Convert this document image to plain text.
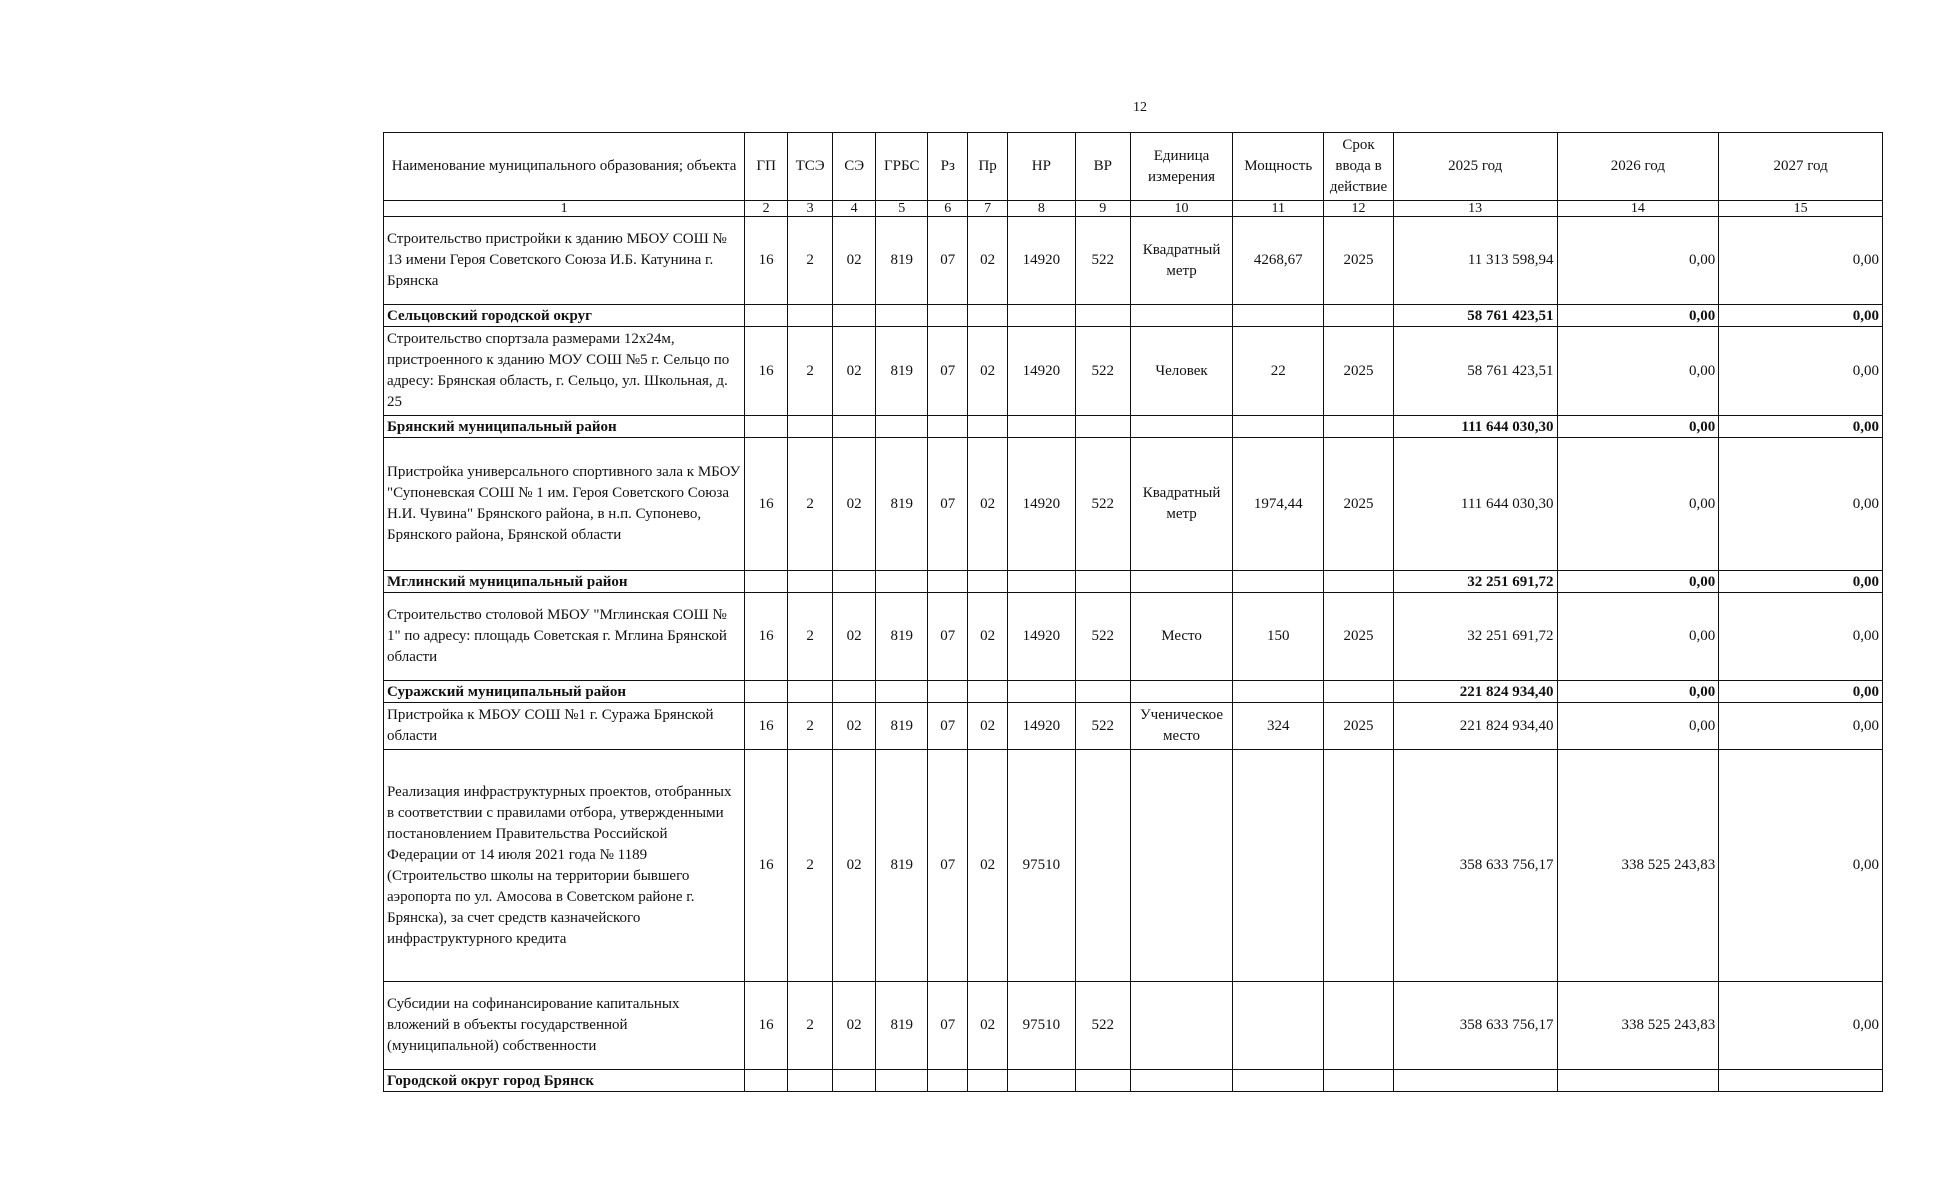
12
Наименование муниципального образования; объекта	ГП	ТСЭ	СЭ	ГРБС	Рз	Пр	НР	ВР	Единица измерения	Мощность	Срок ввода в действие	2025 год	2026 год	2027 год
1	2	3	4	5	6	7	8	9	10	11	12	13	14	15
Строительство пристройки к зданию МБОУ СОШ № 13 имени Героя Советского Союза И.Б. Катунина г. Брянска	16	2	02	819	07	02	14920	522	Квадратный метр	4268,67	2025	11 313 598,94	0,00	0,00
Сельцовский городской округ												58 761 423,51	0,00	0,00
Строительство спортзала размерами 12х24м, пристроенного к зданию МОУ СОШ №5 г. Сельцо по адресу: Брянская область, г. Сельцо, ул. Школьная, д. 25	16	2	02	819	07	02	14920	522	Человек	22	2025	58 761 423,51	0,00	0,00
Брянский муниципальный район												111 644 030,30	0,00	0,00
Пристройка универсального спортивного зала к МБОУ "Супоневская СОШ № 1 им. Героя Советского Союза Н.И. Чувина" Брянского района, в н.п. Супонево, Брянского района, Брянской области	16	2	02	819	07	02	14920	522	Квадратный метр	1974,44	2025	111 644 030,30	0,00	0,00
Мглинский муниципальный район												32 251 691,72	0,00	0,00
Строительство столовой МБОУ "Мглинская СОШ № 1" по адресу: площадь Советская г. Мглина Брянской области	16	2	02	819	07	02	14920	522	Место	150	2025	32 251 691,72	0,00	0,00
Суражский муниципальный район												221 824 934,40	0,00	0,00
Пристройка к МБОУ СОШ №1 г. Суража Брянской области	16	2	02	819	07	02	14920	522	Ученическое место	324	2025	221 824 934,40	0,00	0,00
Реализация инфраструктурных проектов, отобранных в соответствии с правилами отбора, утвержденными постановлением Правительства Российской Федерации от 14 июля 2021 года № 1189 (Строительство школы на территории бывшего аэропорта по ул. Амосова в Советском районе г. Брянска), за счет средств казначейского инфраструктурного кредита	16	2	02	819	07	02	97510					358 633 756,17	338 525 243,83	0,00
Субсидии на софинансирование капитальных вложений в объекты государственной (муниципальной) собственности	16	2	02	819	07	02	97510	522				358 633 756,17	338 525 243,83	0,00
Городской округ город Брянск														
